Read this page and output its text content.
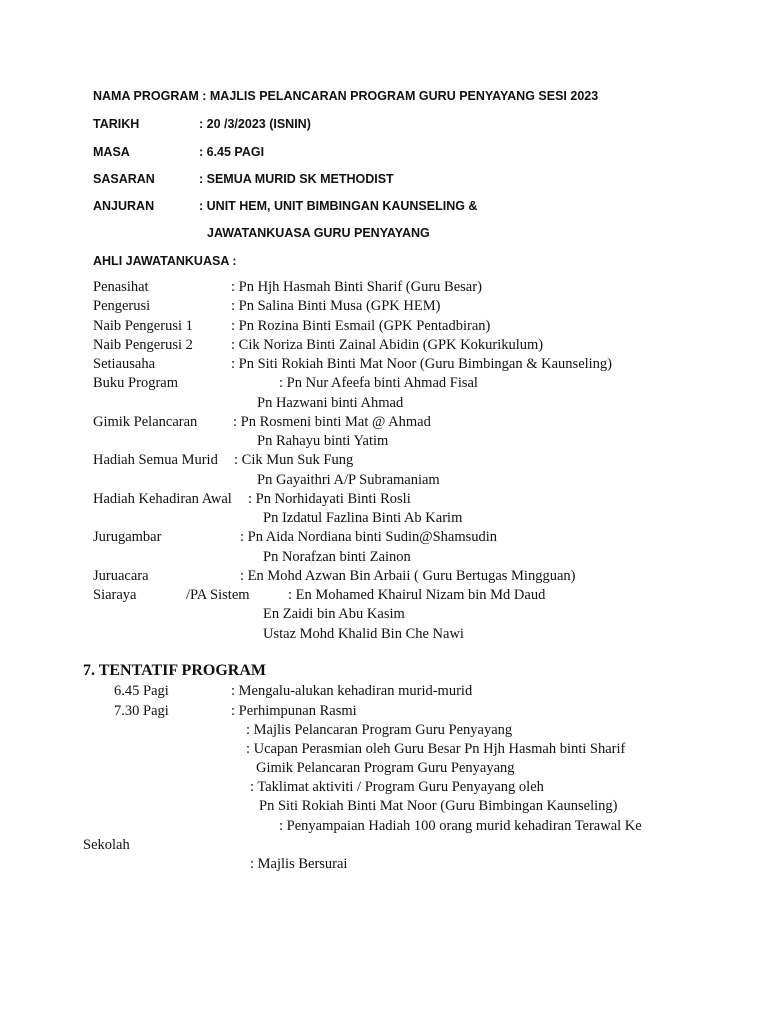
NAMA PROGRAM : MAJLIS PELANCARAN PROGRAM GURU PENYAYANG SESI 2023
TARIKH	: 20 /3/2023 (ISNIN)
MASA	: 6.45 PAGI
SASARAN	: SEMUA MURID SK METHODIST
ANJURAN	: UNIT HEM, UNIT BIMBINGAN KAUNSELING &
JAWATANKUASA GURU PENYAYANG
AHLI JAWATANKUASA :
Penasihat	: Pn Hjh Hasmah Binti Sharif (Guru Besar)
Pengerusi	: Pn Salina Binti Musa (GPK HEM)
Naib Pengerusi 1	: Pn Rozina Binti Esmail (GPK Pentadbiran)
Naib Pengerusi 2	: Cik Noriza Binti Zainal Abidin (GPK Kokurikulum)
Setiausaha	: Pn Siti Rokiah Binti Mat Noor (Guru Bimbingan & Kaunseling)
Buku Program	: Pn Nur Afeefa binti Ahmad Fisal
Pn Hazwani binti Ahmad
Gimik Pelancaran : Pn Rosmeni binti Mat @ Ahmad
Pn Rahayu binti Yatim
Hadiah Semua Murid : Cik Mun Suk Fung
Pn Gayaithri A/P Subramaniam
Hadiah Kehadiran Awal : Pn Norhidayati Binti Rosli
Pn Izdatul Fazlina Binti Ab Karim
Jurugambar	: Pn Aida Nordiana binti Sudin@Shamsudin
Pn Norafzan binti Zainon
Juruacara	: En Mohd Azwan Bin Arbaii ( Guru Bertugas Mingguan)
Siaraya	/PA Sistem	: En Mohamed Khairul Nizam bin Md Daud
En Zaidi bin Abu Kasim
Ustaz Mohd Khalid Bin Che Nawi
7. TENTATIF PROGRAM
6.45 Pagi	: Mengalu-alukan kehadiran murid-murid
7.30 Pagi	: Perhimpunan Rasmi
: Majlis Pelancaran Program Guru Penyayang
: Ucapan Perasmian oleh Guru Besar Pn Hjh Hasmah binti Sharif
Gimik Pelancaran Program Guru Penyayang
: Taklimat aktiviti / Program Guru Penyayang oleh
Pn Siti Rokiah Binti Mat Noor (Guru Bimbingan Kaunseling)
: Penyampaian Hadiah 100 orang murid kehadiran Terawal Ke
Sekolah
: Majlis Bersurai
